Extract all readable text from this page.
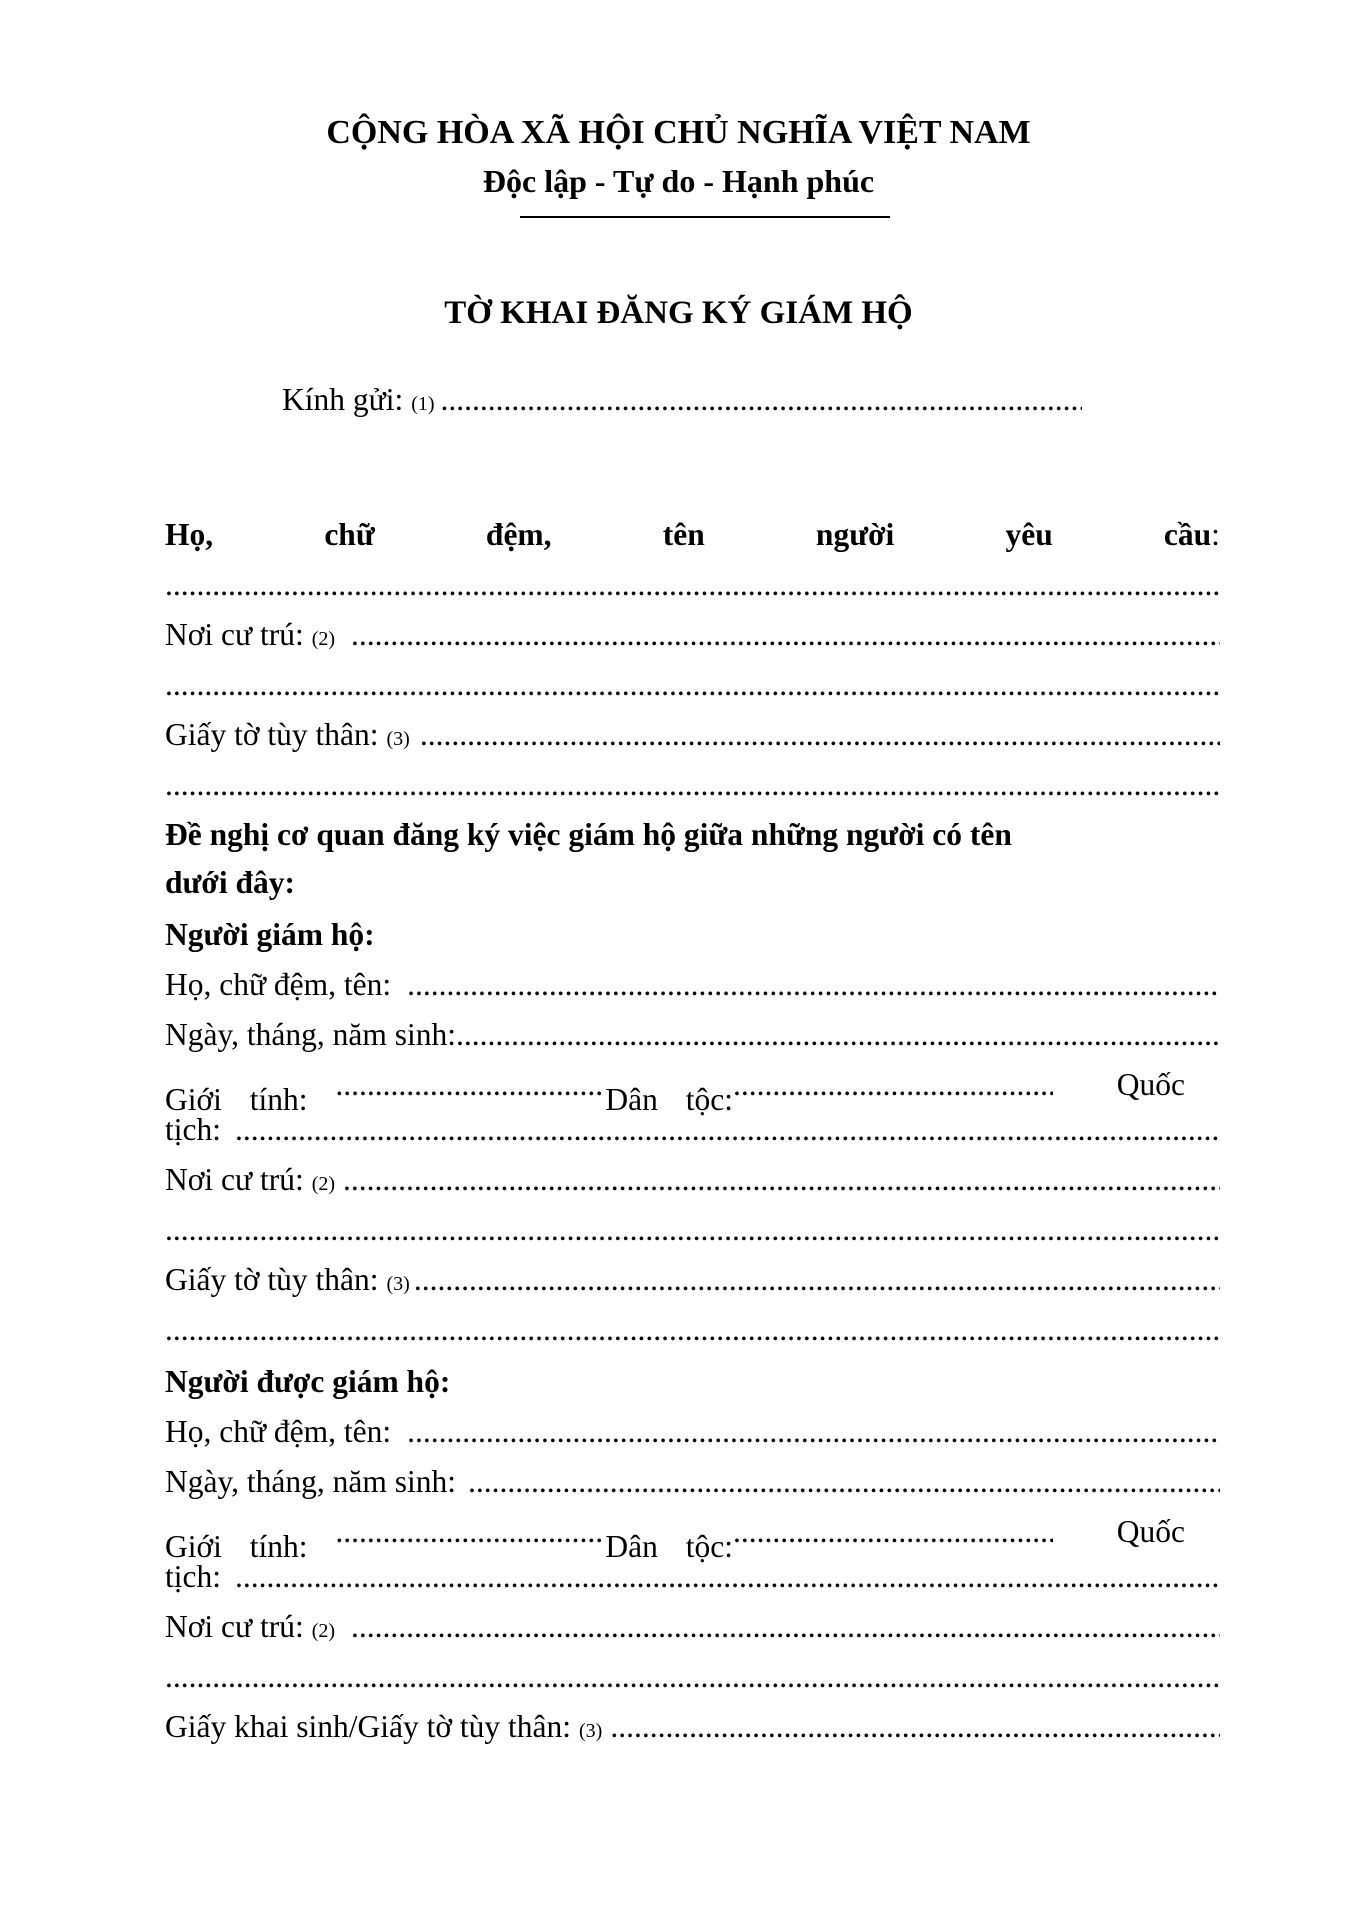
CỘNG HÒA XÃ HỘI CHỦ NGHĨA VIỆT NAM
Độc lập - Tự do - Hạnh phúc
TỜ KHAI ĐĂNG KÝ GIÁM HỘ
Kính gửi: (1)
.....
Họ,	chữ	đệm,	tên	người	yêu	cầu:
.....
Nơi cư trú: (2)
.....
.....
Giấy tờ tùy thân: (3)
.....
.....
Đề nghị cơ quan đăng ký việc giám hộ giữa những người có tên
dưới đây:
Người giám hộ:
Họ, chữ đệm, tên:
.....
Ngày, tháng, năm sinh:
.....
Giới tính: .....	Dân tộc: .....	Quốc
tịch:
.....
Nơi cư trú: (2)
.....
.....
Giấy tờ tùy thân: (3)
.....
.....
Người được giám hộ:
Họ, chữ đệm, tên:
.....
Ngày, tháng, năm sinh:
.....
Giới tính: .....	Dân tộc: .....	Quốc
tịch:
.....
Nơi cư trú: (2)
.....
.....
Giấy khai sinh/Giấy tờ tùy thân: (3)
.....
